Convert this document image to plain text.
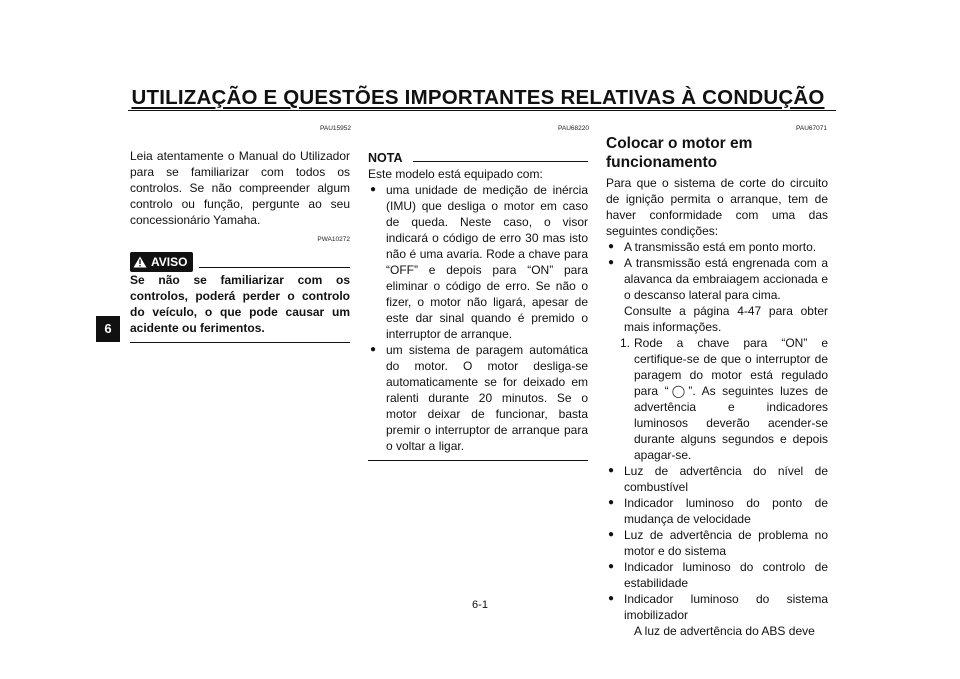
UTILIZAÇÃO E QUESTÕES IMPORTANTES RELATIVAS À CONDUÇÃO
6
PAU15952

Leia atentamente o Manual do Utilizador para se familiarizar com todos os controlos. Se não compreender algum controlo ou função, pergunte ao seu concessionário Yamaha.

PWA10272
AVISO

Se não se familiarizar com os controlos, poderá perder o controlo do veículo, o que pode causar um acidente ou ferimentos.

PAU68220
NOTA

Este modelo está equipado com:

● uma unidade de medição de inércia (IMU) que desliga o motor em caso de queda. Neste caso, o visor indicará o código de erro 30 mas isto não é uma avaria. Rode a chave para “OFF” e depois para “ON” para eliminar o código de erro. Se não o fizer, o motor não ligará, apesar de este dar sinal quando é premido o interruptor de arranque.
● um sistema de paragem automática do motor. O motor desliga-se automaticamente se for deixado em ralenti durante 20 minutos. Se o motor deixar de funcionar, basta premir o interruptor de arranque para o voltar a ligar.
PAU67071
Colocar o motor em funcionamento

Para que o sistema de corte do circuito de ignição permita o arranque, tem de haver conformidade com uma das seguintes condições:

● A transmissão está em ponto morto.
● A transmissão está engrenada com a alavanca da embraiagem accionada e o descanso lateral para cima.

Consulte a página 4-47 para obter mais informações.

1. Rode a chave para “ON” e certifique-se de que o interruptor de paragem do motor está regulado para “◯”. As seguintes luzes de advertência e indicadores luminosos deverão acender-se durante alguns segundos e depois apagar-se.
● Luz de advertência do nível de combustível
● Indicador luminoso do ponto de mudança de velocidade
● Luz de advertência de problema no motor e do sistema
● Indicador luminoso do controlo de estabilidade
● Indicador luminoso do sistema imobilizador

A luz de advertência do ABS deve

6-1
